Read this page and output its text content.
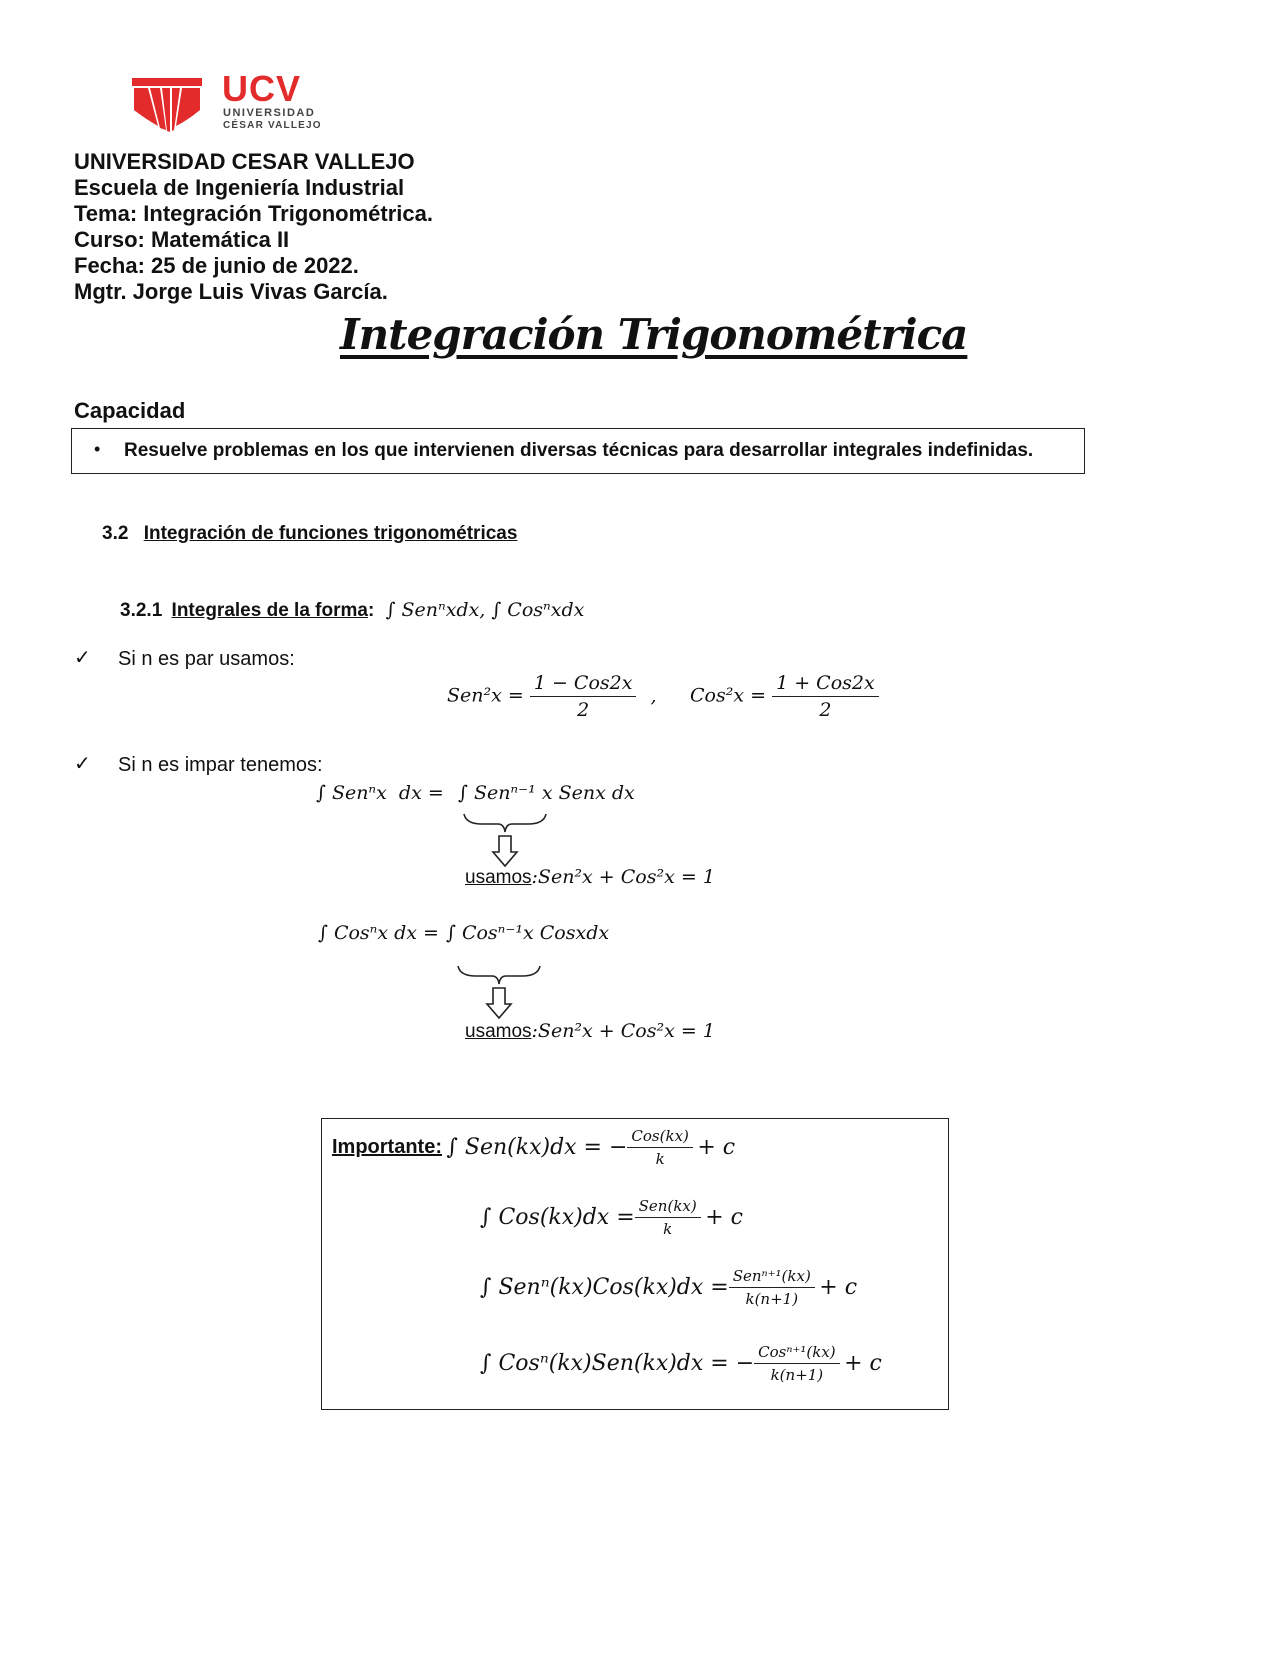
UCV
UNIVERSIDAD
CÉSAR VALLEJO
UNIVERSIDAD CESAR VALLEJO
Escuela de Ingeniería Industrial
Tema: Integración Trigonométrica.
Curso: Matemática II
Fecha: 25 de junio de 2022.
Mgtr. Jorge Luis Vivas García.
Integración Trigonométrica
Capacidad
• Resuelve problemas en los que intervienen diversas técnicas para desarrollar integrales indefinidas.
3.2 Integración de funciones trigonométricas
3.2.1 Integrales de la forma: ∫ Senⁿxdx, ∫ Cosⁿxdx
✓ Si n es par usamos:
$Sen^2x = \frac{\text{1 − Cos2x}}{2}$ , $Cos^2x = \frac{\text{1 + Cos2x}}{2}$
✓ Si n es impar tenemos:
∫ Senⁿx  dx = ∫ Senⁿ⁻¹ x Senx dx
usamos:Sen²x + Cos²x = 1
∫ Cosⁿx dx = ∫ Cosⁿ⁻¹x Cosxdx
usamos:Sen²x + Cos²x = 1
Importante: ∫ Sen(kx)dx = − $\frac{\text{Cos(kx)}}{k} + c$
∫ $Cos(kx)dx = \frac{\text{Sen(kx)}}{k} + c$
∫ $Sen^n(kx)Cos(kx)dx = \frac{\text{Senⁿ⁺¹(kx)}}{k(n+1)} + c$
∫ Cosⁿ(kx)Sen(kx)dx = − $\frac{\text{Cosⁿ⁺¹(kx)}}{k(n+1)} + c$
